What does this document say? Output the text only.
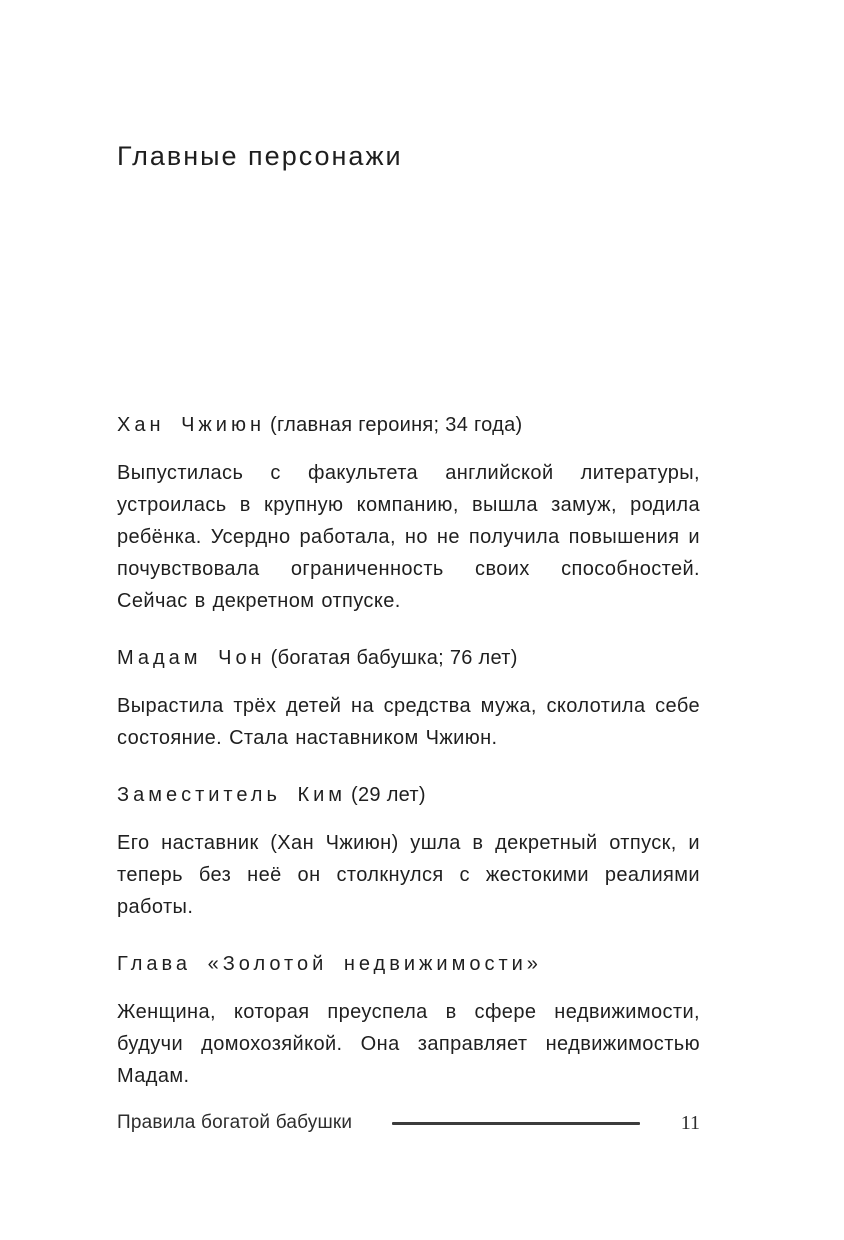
Главные персонажи
Хан Чжиюн (главная героиня; 34 года)

Выпустилась с факультета английской литературы, устроилась в крупную компанию, вышла замуж, родила ребёнка. Усердно работала, но не получила повышения и почувствовала ограниченность своих способностей. Сейчас в декретном отпуске.

Мадам Чон (богатая бабушка; 76 лет)

Вырастила трёх детей на средства мужа, сколотила себе состояние. Стала наставником Чжиюн.

Заместитель Ким (29 лет)

Его наставник (Хан Чжиюн) ушла в декретный отпуск, и теперь без неё он столкнулся с жестокими реалиями работы.

Глава «Золотой недвижимости»

Женщина, которая преуспела в сфере недвижимости, будучи домохозяйкой. Она заправляет недвижимостью Мадам.

Правила богатой бабушки	11
